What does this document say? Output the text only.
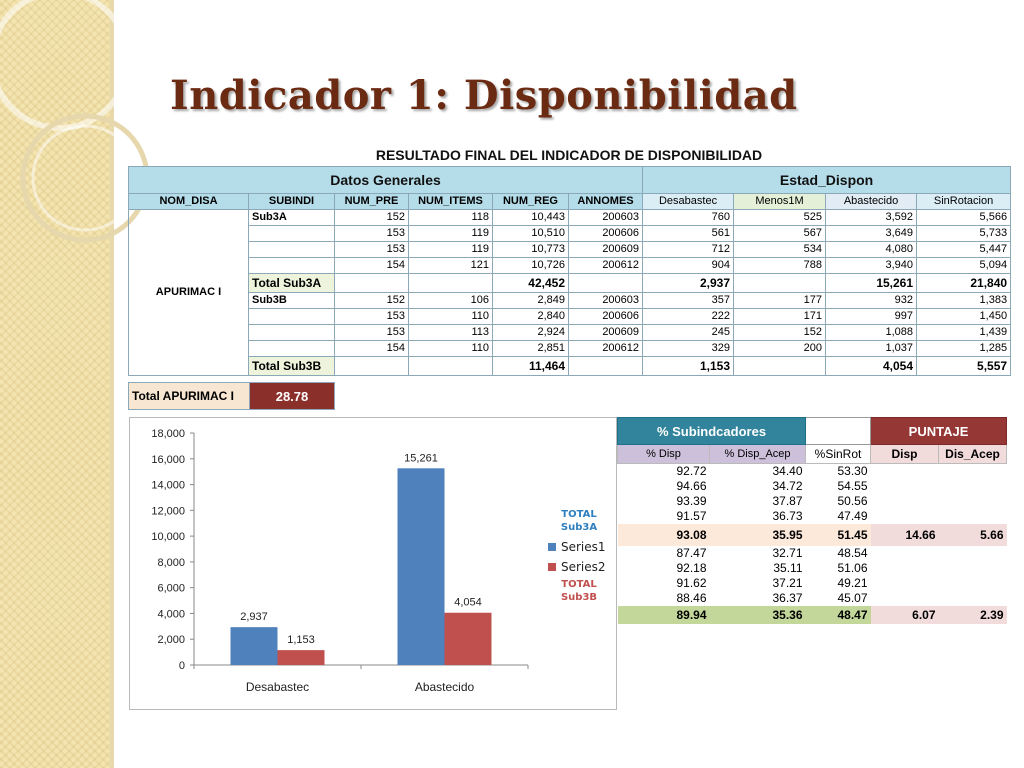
Indicador 1: Disponibilidad
RESULTADO FINAL DEL INDICADOR DE DISPONIBILIDAD
Datos Generales						Estad_Dispon			
NOM_DISA	SUBINDI	NUM_PRE	NUM_ITEMS	NUM_REG	ANNOMES	Desabastec	Menos1M	Abastecido	SinRotacion
APURIMAC I	Sub3A	152	118	10,443	200603	760	525	3,592	5,566
		153	119	10,510	200606	561	567	3,649	5,733
		153	119	10,773	200609	712	534	4,080	5,447
		154	121	10,726	200612	904	788	3,940	5,094
	Total Sub3A			42,452		2,937		15,261	21,840
	Sub3B	152	106	2,849	200603	357	177	932	1,383
		153	110	2,840	200606	222	171	997	1,450
		153	113	2,924	200609	245	152	1,088	1,439
		154	110	2,851	200612	329	200	1,037	1,285
	Total Sub3B			11,464		1,153		4,054	5,557
Total APURIMAC I	28.78
0
2,000
4,000
6,000
8,000
10,000
12,000
14,000
16,000
18,000
2,937
1,153
Desabastec
15,261
4,054
Abastecido
TOTAL Sub3A
Series1
Series2
TOTAL Sub3B
% Subindcadores			PUNTAJE	
% Disp	% Disp_Acep	%SinRot	Disp	Dis_Acep
92.72	34.40	53.30		
94.66	34.72	54.55		
93.39	37.87	50.56		
91.57	36.73	47.49		
93.08	35.95	51.45	14.66	5.66
87.47	32.71	48.54		
92.18	35.11	51.06		
91.62	37.21	49.21		
88.46	36.37	45.07		
89.94	35.36	48.47	6.07	2.39
